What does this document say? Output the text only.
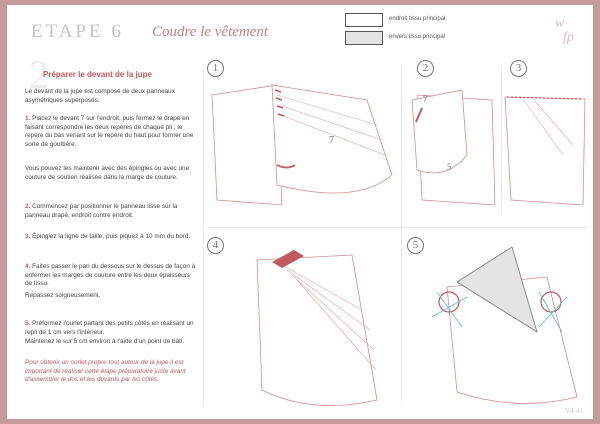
ETAPE 6 Coudre le vêtement
endroit tissu principal
envers tissu principal
w
fp
2
Préparer le devant de la jupe
Le devant de la jupe est composé de deux panneaux asymétriques superposés.
1. Placez le devant 7 sur l'endroit, puis formez le drapé en faisant correspondre les deux repères de chaque pli ; le repère du bas venant sur le repère du haut pour former une sorte de gouttière.
Vous pouvez les maintenir avec des épingles ou avec une couture de soutien réalisée dans la marge de couture.
2. Commencez par positionner le panneau lisse sur la panneau drapé, endroit contre endroit.
3. Épinglez la ligne de taille, puis piquez à 10 mm du bord.
4. Faites passer le pan du dessous sur le dessus de façon à enfermer les marges de couture entre les deux épaisseurs de tissu.
Repassez soigneusement.
5. Préformez l'ourlet partant des petits côtés en réalisant un repli de 1 cm vers l'intérieur.
Maintenez le sur 5 cm environ à l'aide d'un point de bâti.
Pour obtenir un ourlet propre tout autour de la jupe il est important de réaliser cette étape préparatoire juste avant d'assembler le dos et les devants par les côtés.
1	2	3
4	5
7
7
5
V4-41
